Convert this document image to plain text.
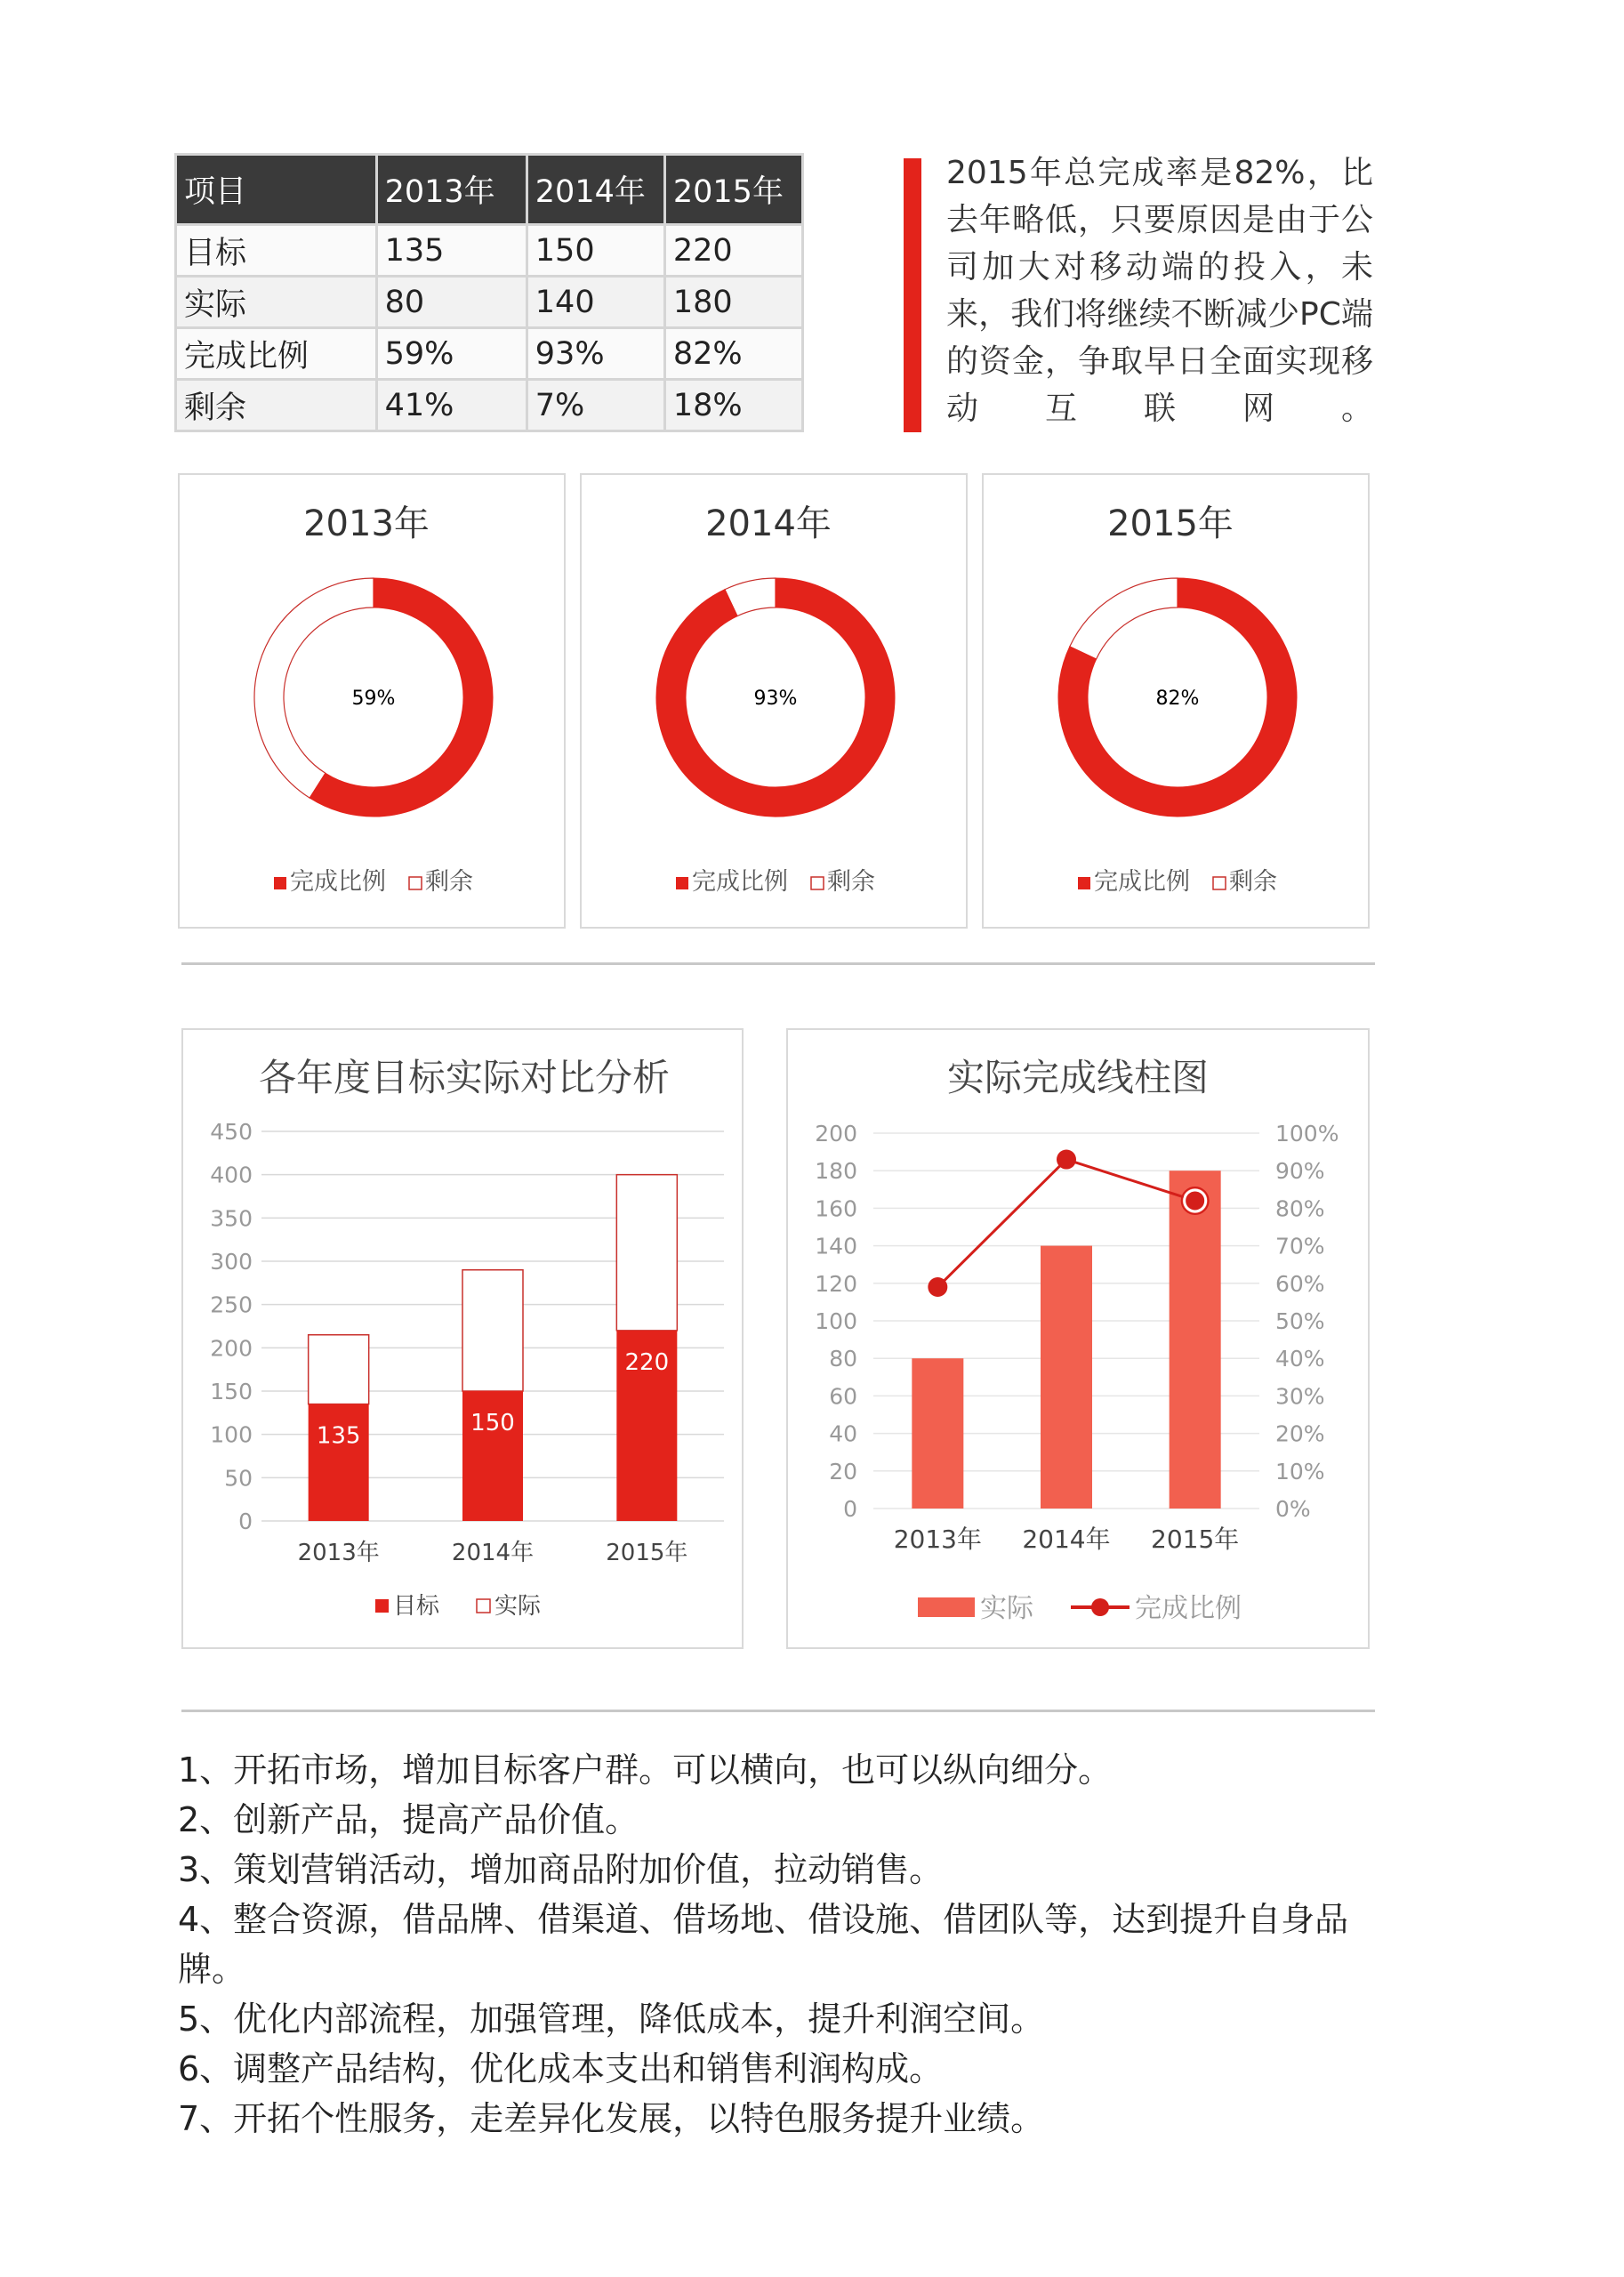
项目	2013年	2014年	2015年
目标	135	150	220
实际	80	140	180
完成比例	59%	93%	82%
剩余	41%	7%	18%
2015年总完成率是82%，比去年略低，只要原因是由于公司加大对移动端的投入，未来，我们将继续不断减少PC端的资金，争取早日全面实现移动　互　联　网　。
2013年
59%
完成比例 剩余
2014年
93%
完成比例 剩余
2015年
82%
完成比例 剩余
各年度目标实际对比分析
0
50
100
150
200
250
300
350
400
450
135
2013年
150
2014年
220
2015年
目标 实际
实际完成线柱图
0
20
40
60
80
100
120
140
160
180
200
0%
10%
20%
30%
40%
50%
60%
70%
80%
90%
100%
2013年 2014年 2015年
实际	完成比例
1、开拓市场，增加目标客户群。可以横向，也可以纵向细分。
2、创新产品，提高产品价值。
3、策划营销活动，增加商品附加价值，拉动销售。
4、整合资源，借品牌、借渠道、借场地、借设施、借团队等，达到提升自身品牌。
5、优化内部流程，加强管理，降低成本，提升利润空间。
6、调整产品结构，优化成本支出和销售利润构成。
7、开拓个性服务，走差异化发展，以特色服务提升业绩。
